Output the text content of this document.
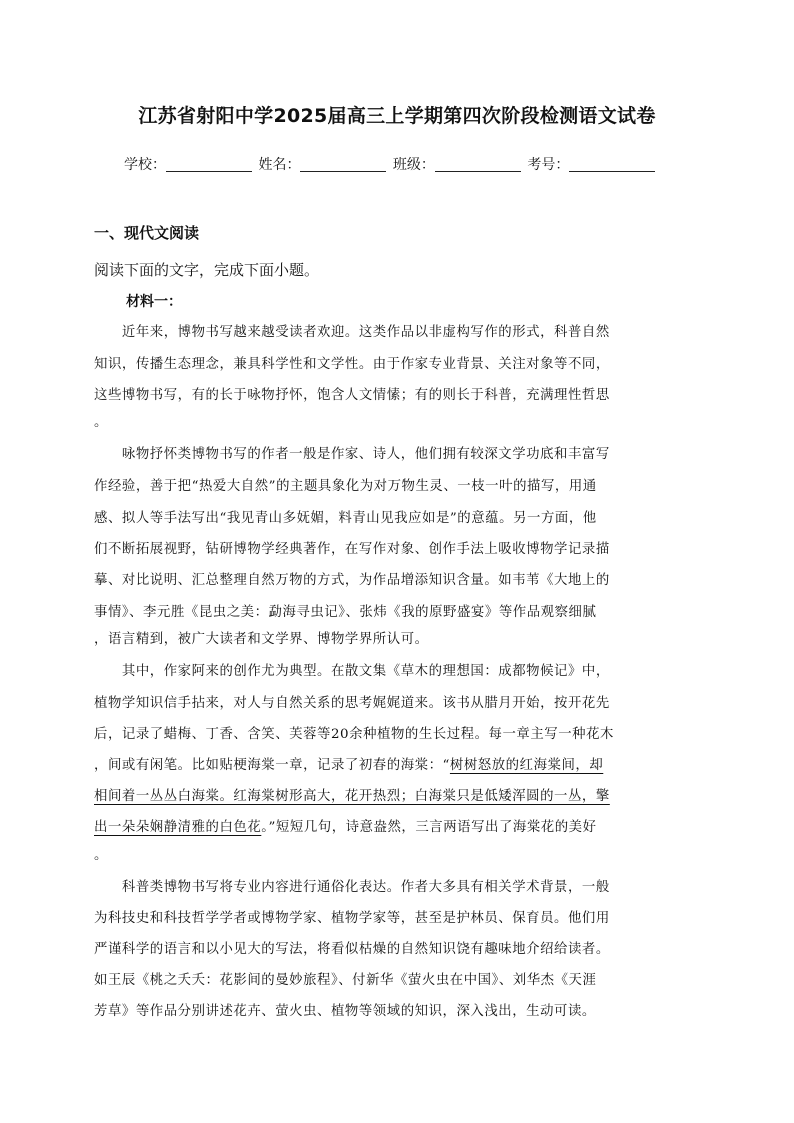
江苏省射阳中学2025届高三上学期第四次阶段检测语文试卷
学校：	姓名：	班级：	考号：
一、现代文阅读
阅读下面的文字，完成下面小题。
材料一：
　　近年来，博物书写越来越受读者欢迎。这类作品以非虚构写作的形式，科普自然
知识，传播生态理念，兼具科学性和文学性。由于作家专业背景、关注对象等不同，
这些博物书写，有的长于咏物抒怀，饱含人文情愫；有的则长于科普，充满理性哲思
。
　　咏物抒怀类博物书写的作者一般是作家、诗人，他们拥有较深文学功底和丰富写
作经验，善于把“热爱大自然”的主题具象化为对万物生灵、一枝一叶的描写，用通
感、拟人等手法写出“我见青山多妩媚，料青山见我应如是”的意蕴。另一方面，他
们不断拓展视野，钻研博物学经典著作，在写作对象、创作手法上吸收博物学记录描
摹、对比说明、汇总整理自然万物的方式，为作品增添知识含量。如韦苇《大地上的
事情》、李元胜《昆虫之美：勐海寻虫记》、张炜《我的原野盛宴》等作品观察细腻
，语言精到，被广大读者和文学界、博物学界所认可。
　　其中，作家阿来的创作尤为典型。在散文集《草木的理想国：成都物候记》中，
植物学知识信手拈来，对人与自然关系的思考娓娓道来。该书从腊月开始，按开花先
后，记录了蜡梅、丁香、含笑、芙蓉等20余种植物的生长过程。每一章主写一种花木
，间或有闲笔。比如贴梗海棠一章，记录了初春的海棠：“树树怒放的红海棠间，却
相间着一丛丛白海棠。红海棠树形高大，花开热烈；白海棠只是低矮浑圆的一丛，擎
出一朵朵娴静清雅的白色花。”短短几句，诗意盎然，三言两语写出了海棠花的美好
。
　　科普类博物书写将专业内容进行通俗化表达。作者大多具有相关学术背景，一般
为科技史和科技哲学学者或博物学家、植物学家等，甚至是护林员、保育员。他们用
严谨科学的语言和以小见大的写法，将看似枯燥的自然知识饶有趣味地介绍给读者。
如王辰《桃之夭夭：花影间的曼妙旅程》、付新华《萤火虫在中国》、刘华杰《天涯
芳草》等作品分别讲述花卉、萤火虫、植物等领域的知识，深入浅出，生动可读。
